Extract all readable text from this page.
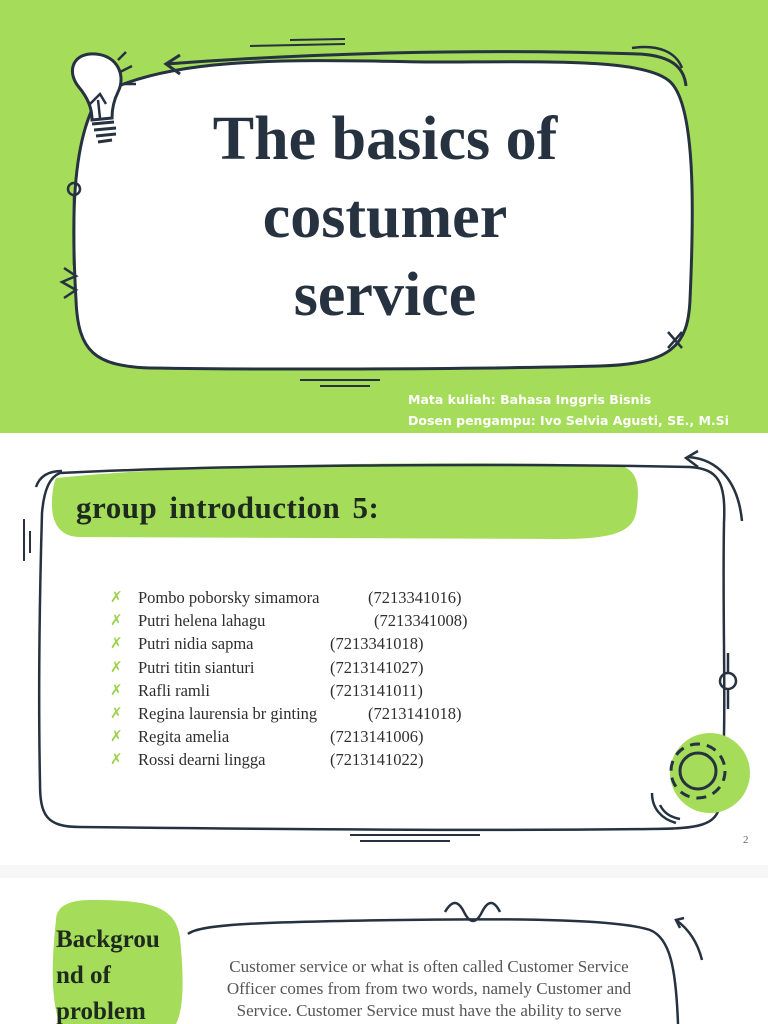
The basics of
costumer
service
Mata kuliah: Bahasa Inggris Bisnis
Dosen pengampu: Ivo Selvia Agusti, SE., M.Si
group introduction 5:
✗ Pombo poborsky simamora	(7213341016)
✗ Putri helena lahagu	(7213341008)
✗ Putri nidia sapma	(7213341018)
✗ Putri titin sianturi	(7213141027)
✗ Rafli ramli	(7213141011)
✗ Regina laurensia br ginting	(7213141018)
✗ Regita amelia	(7213141006)
✗ Rossi dearni lingga	(7213141022)
2
Backgrou
nd of
problem
Customer service or what is often called Customer Service
Officer comes from from two words, namely Customer and
Service. Customer Service must have the ability to serve
